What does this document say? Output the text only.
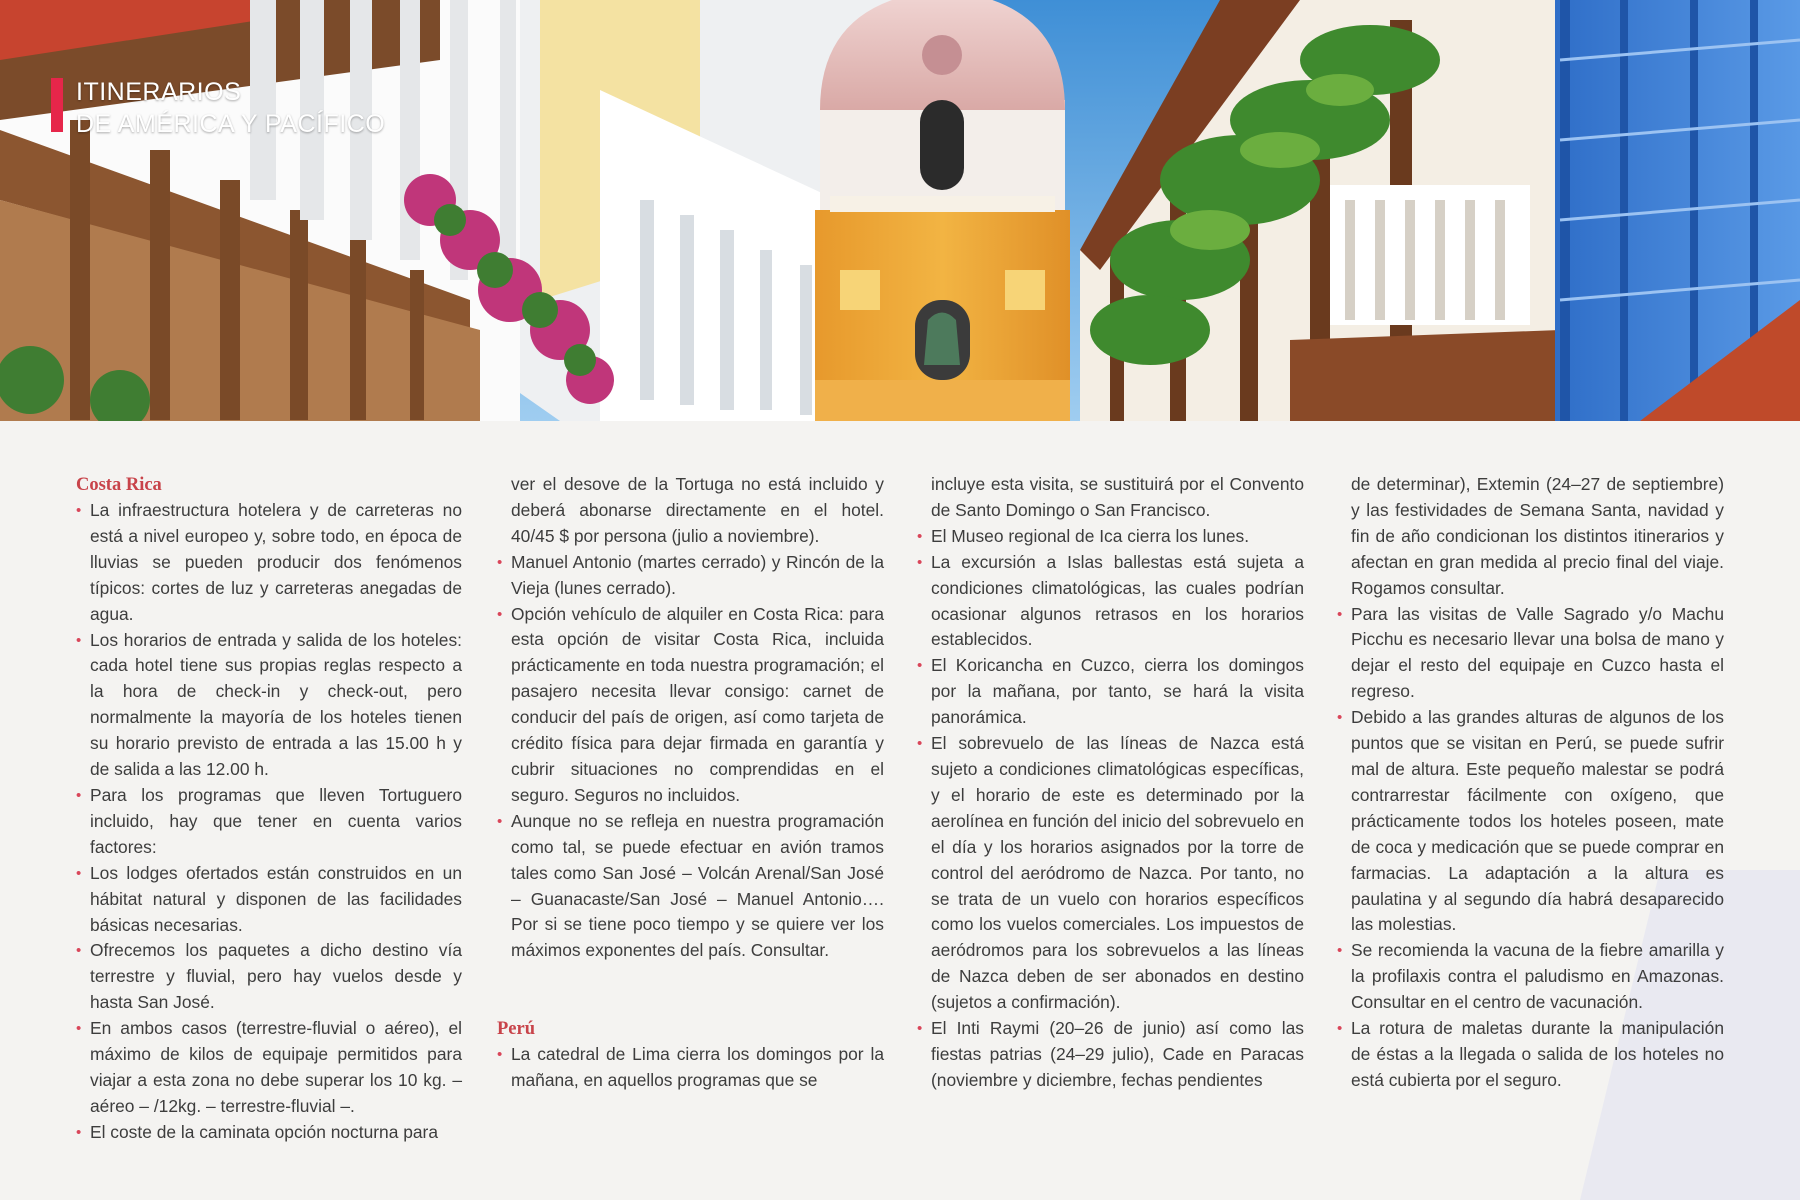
ITINERARIOS
DE AMÉRICA Y PACÍFICO
Costa Rica
• La infraestructura hotelera y de carreteras no está a nivel europeo y, sobre todo, en época de lluvias se pueden producir dos fenómenos típicos: cortes de luz y carreteras anegadas de agua.
• Los horarios de entrada y salida de los hoteles: cada hotel tiene sus propias reglas respecto a la hora de check-in y check-out, pero normalmente la mayoría de los hoteles tienen su horario previsto de entrada a las 15.00 h y de salida a las 12.00 h.
• Para los programas que lleven Tortuguero incluido, hay que tener en cuenta varios factores:
• Los lodges ofertados están construidos en un hábitat natural y disponen de las facilidades básicas necesarias.
• Ofrecemos los paquetes a dicho destino vía terrestre y fluvial, pero hay vuelos desde y hasta San José.
• En ambos casos (terrestre-fluvial o aéreo), el máximo de kilos de equipaje permitidos para viajar a esta zona no debe superar los 10 kg. – aéreo – /12kg. – terrestre-fluvial –.
• El coste de la caminata opción nocturna para
ver el desove de la Tortuga no está incluido y deberá abonarse directamente en el hotel. 40/45 $ por persona (julio a noviembre).
• Manuel Antonio (martes cerrado) y Rincón de la Vieja (lunes cerrado).
• Opción vehículo de alquiler en Costa Rica: para esta opción de visitar Costa Rica, incluida prácticamente en toda nuestra programación; el pasajero necesita llevar consigo: carnet de conducir del país de origen, así como tarjeta de crédito física para dejar firmada en garantía y cubrir situaciones no comprendidas en el seguro. Seguros no incluidos.
• Aunque no se refleja en nuestra programación como tal, se puede efectuar en avión tramos tales como San José – Volcán Arenal/San José – Guanacaste/San José – Manuel Antonio…. Por si se tiene poco tiempo y se quiere ver los máximos exponentes del país. Consultar.
Perú
• La catedral de Lima cierra los domingos por la mañana, en aquellos programas que se
incluye esta visita, se sustituirá por el Convento de Santo Domingo o San Francisco.
• El Museo regional de Ica cierra los lunes.
• La excursión a Islas ballestas está sujeta a condiciones climatológicas, las cuales podrían ocasionar algunos retrasos en los horarios establecidos.
• El Koricancha en Cuzco, cierra los domingos por la mañana, por tanto, se hará la visita panorámica.
• El sobrevuelo de las líneas de Nazca está sujeto a condiciones climatológicas específicas, y el horario de este es determinado por la aerolínea en función del inicio del sobrevuelo en el día y los horarios asignados por la torre de control del aeródromo de Nazca. Por tanto, no se trata de un vuelo con horarios específicos como los vuelos comerciales. Los impuestos de aeródromos para los sobrevuelos a las líneas de Nazca deben de ser abonados en destino (sujetos a confirmación).
• El Inti Raymi (20–26 de junio) así como las fiestas patrias (24–29 julio), Cade en Paracas (noviembre y diciembre, fechas pendientes
de determinar), Extemin (24–27 de septiembre) y las festividades de Semana Santa, navidad y fin de año condicionan los distintos itinerarios y afectan en gran medida al precio final del viaje. Rogamos consultar.
• Para las visitas de Valle Sagrado y/o Machu Picchu es necesario llevar una bolsa de mano y dejar el resto del equipaje en Cuzco hasta el regreso.
• Debido a las grandes alturas de algunos de los puntos que se visitan en Perú, se puede sufrir mal de altura. Este pequeño malestar se podrá contrarrestar fácilmente con oxígeno, que prácticamente todos los hoteles poseen, mate de coca y medicación que se puede comprar en farmacias. La adaptación a la altura es paulatina y al segundo día habrá desaparecido las molestias.
• Se recomienda la vacuna de la fiebre amarilla y la profilaxis contra el paludismo en Amazonas. Consultar en el centro de vacunación.
• La rotura de maletas durante la manipulación de éstas a la llegada o salida de los hoteles no está cubierta por el seguro.
